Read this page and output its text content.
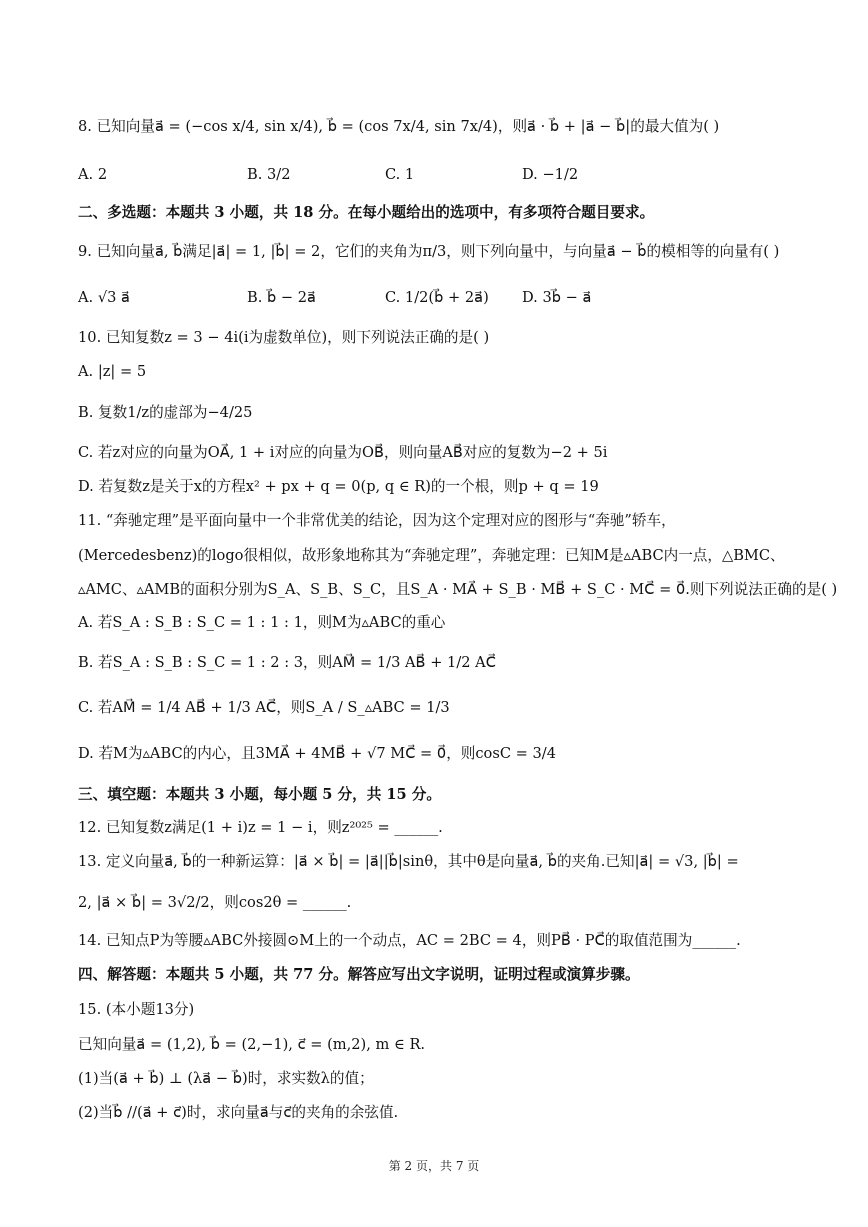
8. 已知向量a⃗ = (−cos x/4, sin x/4), b⃗ = (cos 7x/4, sin 7x/4)，则a⃗ · b⃗ + |a⃗ − b⃗|的最大值为( )
A. 2	B. 3/2	C. 1	D. −1/2
二、多选题：本题共 3 小题，共 18 分。在每小题给出的选项中，有多项符合题目要求。
9. 已知向量a⃗, b⃗满足|a⃗| = 1, |b⃗| = 2，它们的夹角为π/3，则下列向量中，与向量a⃗ − b⃗的模相等的向量有( )
A. √3 a⃗	B. b⃗ − 2a⃗	C. 1/2(b⃗ + 2a⃗) D. 3b⃗ − a⃗
10. 已知复数z = 3 − 4i(i为虚数单位)，则下列说法正确的是( )
A. |z| = 5
B. 复数1/z的虚部为−4/25
C. 若z对应的向量为OA⃗, 1 + i对应的向量为OB⃗，则向量AB⃗对应的复数为−2 + 5i
D. 若复数z是关于x的方程x² + px + q = 0(p, q ∈ R)的一个根，则p + q = 19
11. “奔驰定理”是平面向量中一个非常优美的结论，因为这个定理对应的图形与“奔驰”轿车，
(Mercedesbenz)的logo很相似，故形象地称其为“奔驰定理”，奔驰定理：已知M是▵ABC内一点，△BMC、
▵AMC、▵AMB的面积分别为S_A、S_B、S_C，且S_A · MA⃗ + S_B · MB⃗ + S_C · MC⃗ = 0⃗.则下列说法正确的是( )
A. 若S_A : S_B : S_C = 1 : 1 : 1，则M为▵ABC的重心
B. 若S_A : S_B : S_C = 1 : 2 : 3，则AM⃗ = 1/3 AB⃗ + 1/2 AC⃗
C. 若AM⃗ = 1/4 AB⃗ + 1/3 AC⃗，则S_A / S_▵ABC = 1/3
D. 若M为▵ABC的内心，且3MA⃗ + 4MB⃗ + √7 MC⃗ = 0⃗，则cosC = 3/4
三、填空题：本题共 3 小题，每小题 5 分，共 15 分。
12. 已知复数z满足(1 + i)z = 1 − i，则z²⁰²⁵ = ______.
13. 定义向量a⃗, b⃗的一种新运算：|a⃗ × b⃗| = |a⃗||b⃗|sinθ，其中θ是向量a⃗, b⃗的夹角.已知|a⃗| = √3, |b⃗| =
2, |a⃗ × b⃗| = 3√2/2，则cos2θ = ______.
14. 已知点P为等腰▵ABC外接圆⊙M上的一个动点，AC = 2BC = 4，则PB⃗ · PC⃗的取值范围为______.
四、解答题：本题共 5 小题，共 77 分。解答应写出文字说明，证明过程或演算步骤。
15. (本小题13分)
已知向量a⃗ = (1,2), b⃗ = (2,−1), c⃗ = (m,2), m ∈ R.
(1)当(a⃗ + b⃗) ⊥ (λa⃗ − b⃗)时，求实数λ的值；
(2)当b⃗ //(a⃗ + c⃗)时，求向量a⃗与c⃗的夹角的余弦值.
第 2 页，共 7 页
